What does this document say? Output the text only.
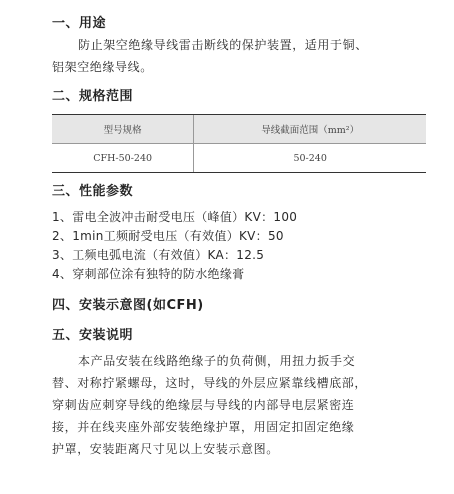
一、用途
防止架空绝缘导线雷击断线的保护装置，适用于铜、
铝架空绝缘导线。
二、规格范围
型号规格	导线截面范围（mm²）
CFH-50-240	50-240
三、性能参数
1、雷电全波冲击耐受电压（峰值）KV：100
2、1min工频耐受电压（有效值）KV：50
3、工频电弧电流（有效值）KA：12.5
4、穿刺部位涂有独特的防水绝缘膏
四、安装示意图(如CFH)
五、安装说明
本产品安装在线路绝缘子的负荷侧，用扭力扳手交
替、对称拧紧螺母，这时，导线的外层应紧靠线槽底部，
穿刺齿应刺穿导线的绝缘层与导线的内部导电层紧密连
接，并在线夹座外部安装绝缘护罩，用固定扣固定绝缘
护罩，安装距离尺寸见以上安装示意图。
